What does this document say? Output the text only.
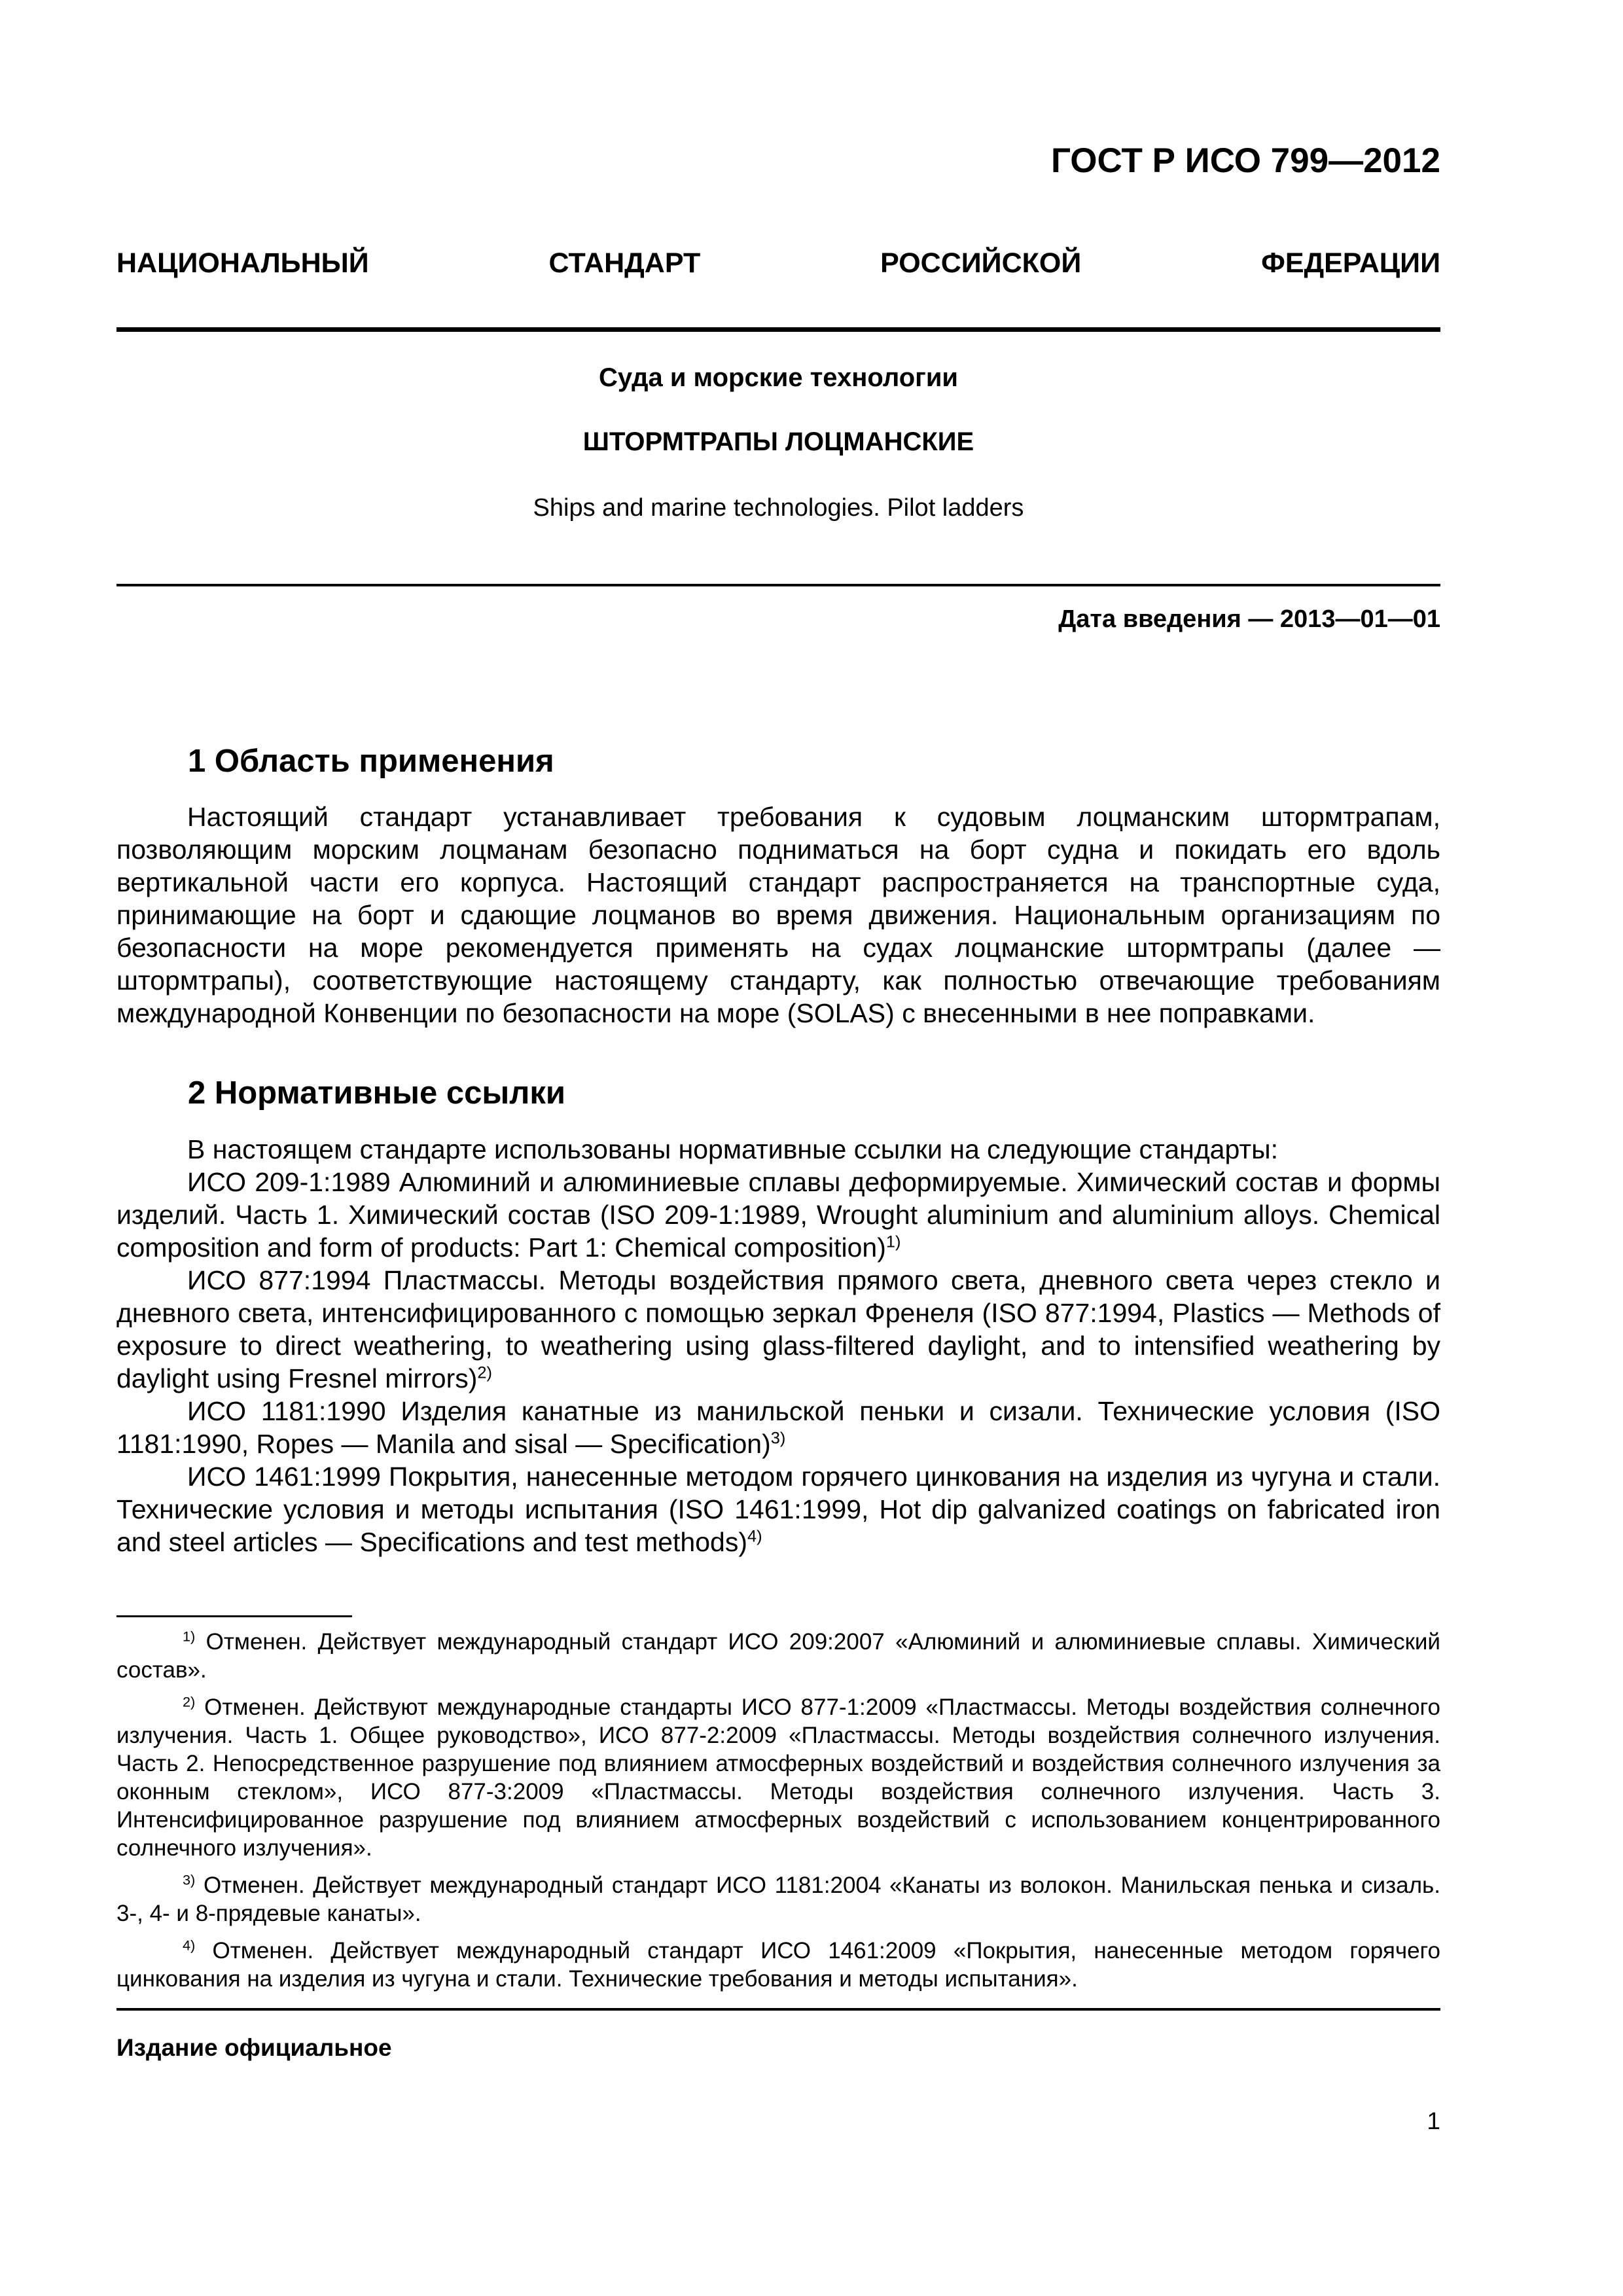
ГОСТ Р ИСО 799—2012
НАЦИОНАЛЬНЫЙ СТАНДАРТ РОССИЙСКОЙ ФЕДЕРАЦИИ
Суда и морские технологии
ШТОРМТРАПЫ ЛОЦМАНСКИЕ
Ships and marine technologies. Pilot ladders
Дата введения — 2013—01—01
1 Область применения

Настоящий стандарт устанавливает требования к судовым лоцманским штормтрапам, позволяющим морским лоцманам безопасно подниматься на борт судна и покидать его вдоль вертикальной части его корпуса. Настоящий стандарт распространяется на транспортные суда, принимающие на борт и сдающие лоцманов во время движения. Национальным организациям по безопасности на море рекомендуется применять на судах лоцманские штормтрапы (далее — штормтрапы), соответствующие настоящему стандарту, как полностью отвечающие требованиям международной Конвенции по безопасности на море (SOLAS) с внесенными в нее поправками.

2 Нормативные ссылки

В настоящем стандарте использованы нормативные ссылки на следующие стандарты:

ИСО 209-1:1989 Алюминий и алюминиевые сплавы деформируемые. Химический состав и формы изделий. Часть 1. Химический состав (ISO 209-1:1989, Wrought aluminium and aluminium alloys. Chemical composition and form of products: Part 1: Chemical composition)$^{1)}$

ИСО 877:1994 Пластмассы. Методы воздействия прямого света, дневного света через стекло и дневного света, интенсифицированного с помощью зеркал Френеля (ISO 877:1994, Plastics — Methods of exposure to direct weathering, to weathering using glass-filtered daylight, and to intensified weathering by daylight using Fresnel mirrors)$^{2)}$

ИСО 1181:1990 Изделия канатные из манильской пеньки и сизали. Технические условия (ISO 1181:1990, Ropes — Manila and sisal — Specification)$^{3)}$

ИСО 1461:1999 Покрытия, нанесенные методом горячего цинкования на изделия из чугуна и стали. Технические условия и методы испытания (ISO 1461:1999, Hot dip galvanized coatings on fabricated iron and steel articles — Specifications and test methods)$^{4)}$

$^{1)}$ Отменен. Действует международный стандарт ИСО 209:2007 «Алюминий и алюминиевые сплавы. Химический состав».

$^{2)}$ Отменен. Действуют международные стандарты ИСО 877-1:2009 «Пластмассы. Методы воздействия солнечного излучения. Часть 1. Общее руководство», ИСО 877-2:2009 «Пластмассы. Методы воздействия солнечного излучения. Часть 2. Непосредственное разрушение под влиянием атмосферных воздействий и воздействия солнечного излучения за оконным стеклом», ИСО 877-3:2009 «Пластмассы. Методы воздействия солнечного излучения. Часть 3. Интенсифицированное разрушение под влиянием атмосферных воздействий с использованием концентрированного солнечного излучения».

$^{3)}$ Отменен. Действует международный стандарт ИСО 1181:2004 «Канаты из волокон. Манильская пенька и сизаль. 3-, 4- и 8-прядевые канаты».

$^{4)}$ Отменен. Действует международный стандарт ИСО 1461:2009 «Покрытия, нанесенные методом горячего цинкования на изделия из чугуна и стали. Технические требования и методы испытания».

Издание официальное
1
